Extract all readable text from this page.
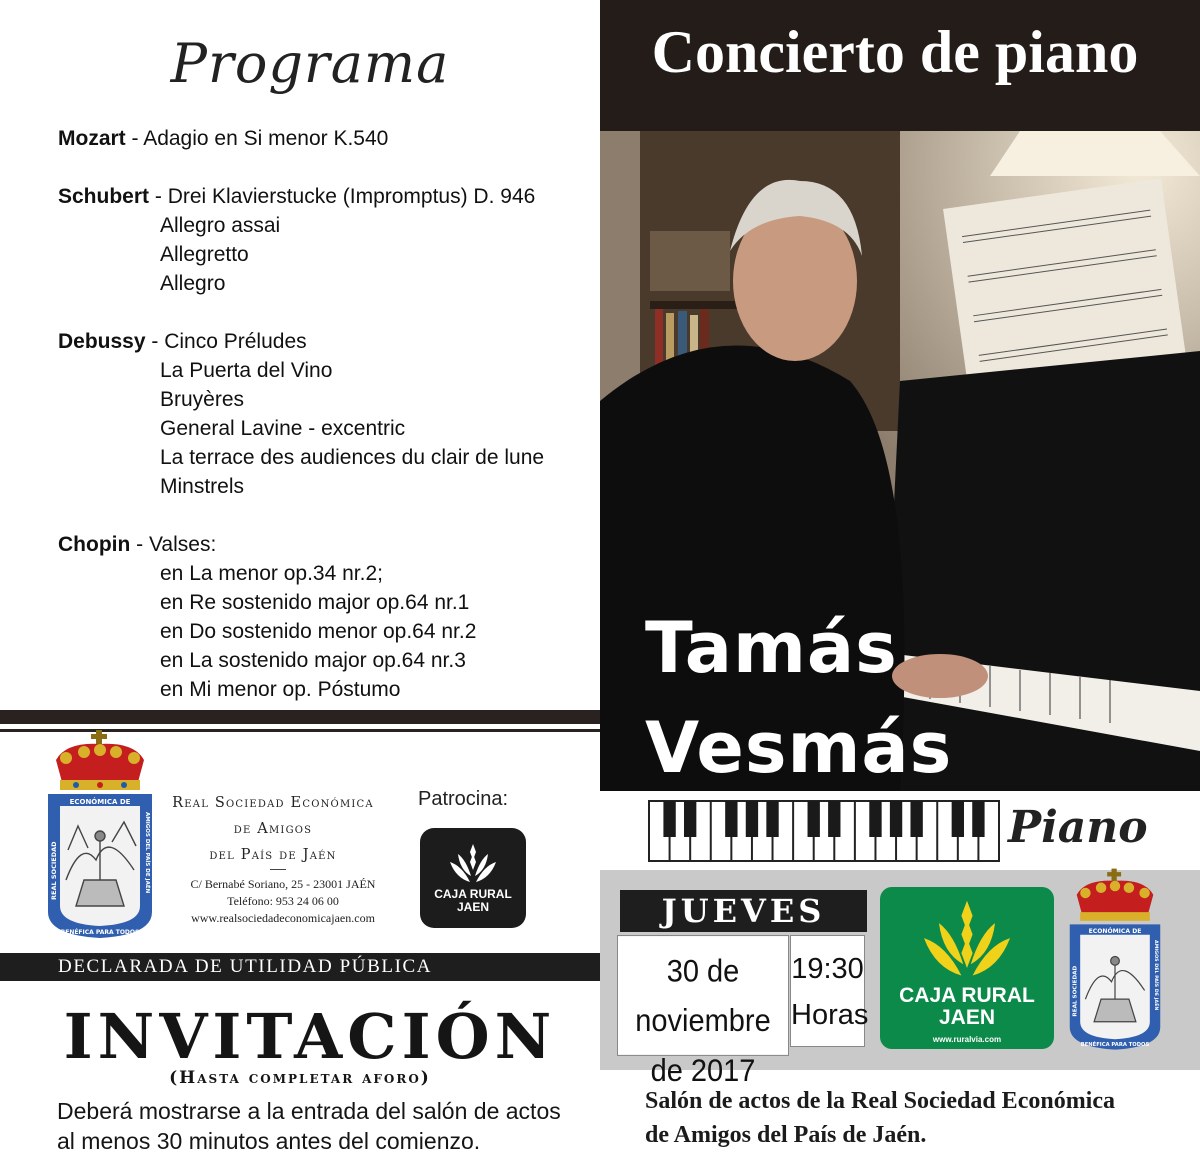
Programa
Mozart - Adagio en Si menor K.540
Schubert - Drei Klavierstucke (Impromptus) D. 946
Allegro assai
Allegretto
Allegro
Debussy - Cinco Préludes
La Puerta del Vino
Bruyères
General Lavine - excentric
La terrace des audiences du clair de lune
Minstrels
Chopin - Valses:
en La menor op.34 nr.2;
en Re sostenido major op.64 nr.1
en Do sostenido menor op.64 nr.2
en La sostenido major op.64 nr.3
en Mi menor op. Póstumo
ECONÓMICA DE
BENÉFICA PARA TODOS
REAL SOCIEDAD	AMIGOS DEL PAÍS DE JAÉN
Real Sociedad Económica
de Amigos
del País de Jaén
C/ Bernabé Soriano, 25 - 23001 JAÉN
Teléfono: 953 24 06 00
www.realsociedadeconomicajaen.com
Patrocina:
CAJA RURAL
JAEN
DECLARADA DE UTILIDAD PÚBLICA
INVITACIÓN
(Hasta completar aforo)
Deberá mostrarse a la entrada del salón de actos
al menos 30 minutos antes del comienzo.
Concierto de piano
Tamás
Vesmás
Piano
JUEVES
30 de noviembre
de 2017
19:30
Horas
CAJA RURAL
JAEN
www.ruralvia.com
ECONÓMICA DE
BENÉFICA PARA TODOS
REAL SOCIEDAD	AMIGOS DEL PAÍS DE JAÉN
Salón de actos de la Real Sociedad Económica
de Amigos del País de Jaén.
